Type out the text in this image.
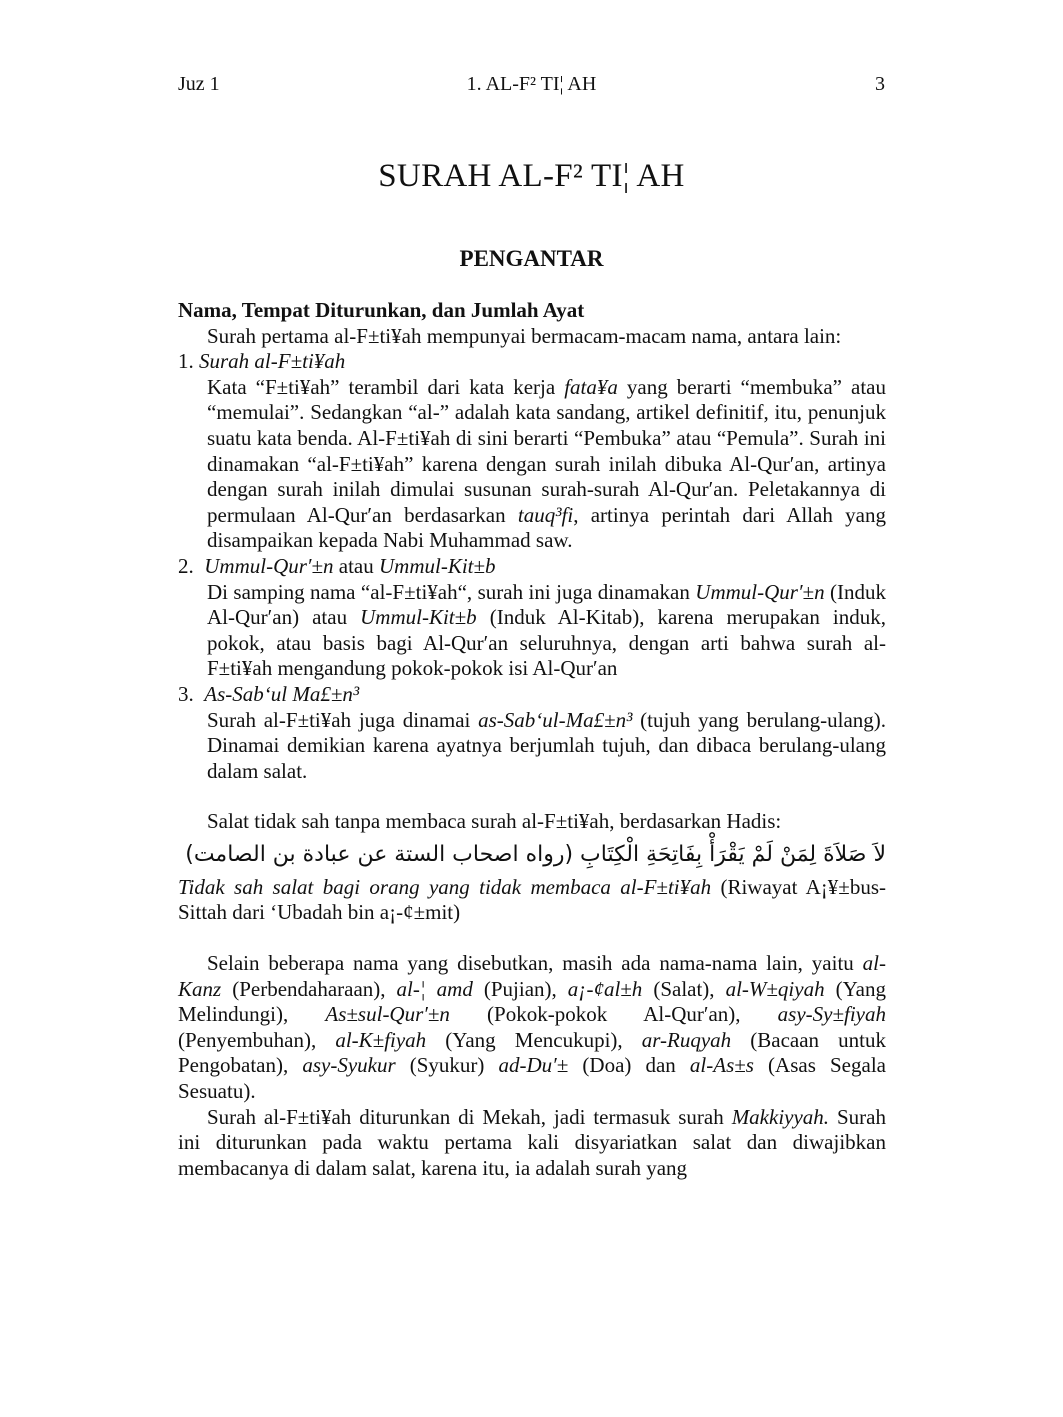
Juz 1	1. AL-F² TI¦ AH	3
SURAH AL-F² TI¦ AH
PENGANTAR
Nama, Tempat Diturunkan, dan Jumlah Ayat

Surah pertama al-F±ti¥ah mempunyai bermacam-macam nama, antara lain:

1. Surah al-F±ti¥ah

Kata “F±ti¥ah” terambil dari kata kerja fata¥a yang berarti “membuka” atau “memulai”. Sedangkan “al-” adalah kata sandang, artikel definitif, itu, penunjuk suatu kata benda. Al-F±ti¥ah di sini berarti “Pembuka” atau “Pemula”. Surah ini dinamakan “al-F±ti¥ah” karena dengan surah inilah dibuka Al-Qur′an, artinya dengan surah inilah dimulai susunan surah-surah Al-Qur′an. Peletakannya di permulaan Al-Qur′an berdasarkan tauq³fi, artinya perintah dari Allah yang disampaikan kepada Nabi Muhammad saw.

2. Ummul-Qur′±n atau Ummul-Kit±b

Di samping nama “al-F±ti¥ah“, surah ini juga dinamakan Ummul-Qur′±n (Induk Al-Qur′an) atau Ummul-Kit±b (Induk Al-Kitab), karena merupakan induk, pokok, atau basis bagi Al-Qur′an seluruhnya, dengan arti bahwa surah al-F±ti¥ah mengandung pokok-pokok isi Al-Qur′an

3. As-Sab‘ul Ma£±n³

Surah al-F±ti¥ah juga dinamai as-Sab‘ul-Ma£±n³ (tujuh yang berulang-ulang). Dinamai demikian karena ayatnya berjumlah tujuh, dan dibaca berulang-ulang dalam salat.

Salat tidak sah tanpa membaca surah al-F±ti¥ah, berdasarkan Hadis:

لاَ صَلاَةَ لِمَنْ لَمْ يَقْرَأْ بِفَاتِحَةِ الْكِتَابِ (رواه اصحاب الستة عن عبادة بن الصامت)

Tidak sah salat bagi orang yang tidak membaca al-F±ti¥ah (Riwayat A¡¥±bus-Sittah dari ‘Ubadah bin a¡-¢±mit)

Selain beberapa nama yang disebutkan, masih ada nama-nama lain, yaitu al-Kanz (Perbendaharaan), al-¦ amd (Pujian), a¡-¢al±h (Salat), al-W±qiyah (Yang Melindungi), As±sul-Qur′±n (Pokok-pokok Al-Qur′an), asy-Sy±fiyah (Penyembuhan), al-K±fiyah (Yang Mencukupi), ar-Ruqyah (Bacaan untuk Pengobatan), asy-Syukur (Syukur) ad-Du′± (Doa) dan al-As±s (Asas Segala Sesuatu).

Surah al-F±ti¥ah diturunkan di Mekah, jadi termasuk surah Makkiyyah. Surah ini diturunkan pada waktu pertama kali disyariatkan salat dan diwajibkan membacanya di dalam salat, karena itu, ia adalah surah yang
